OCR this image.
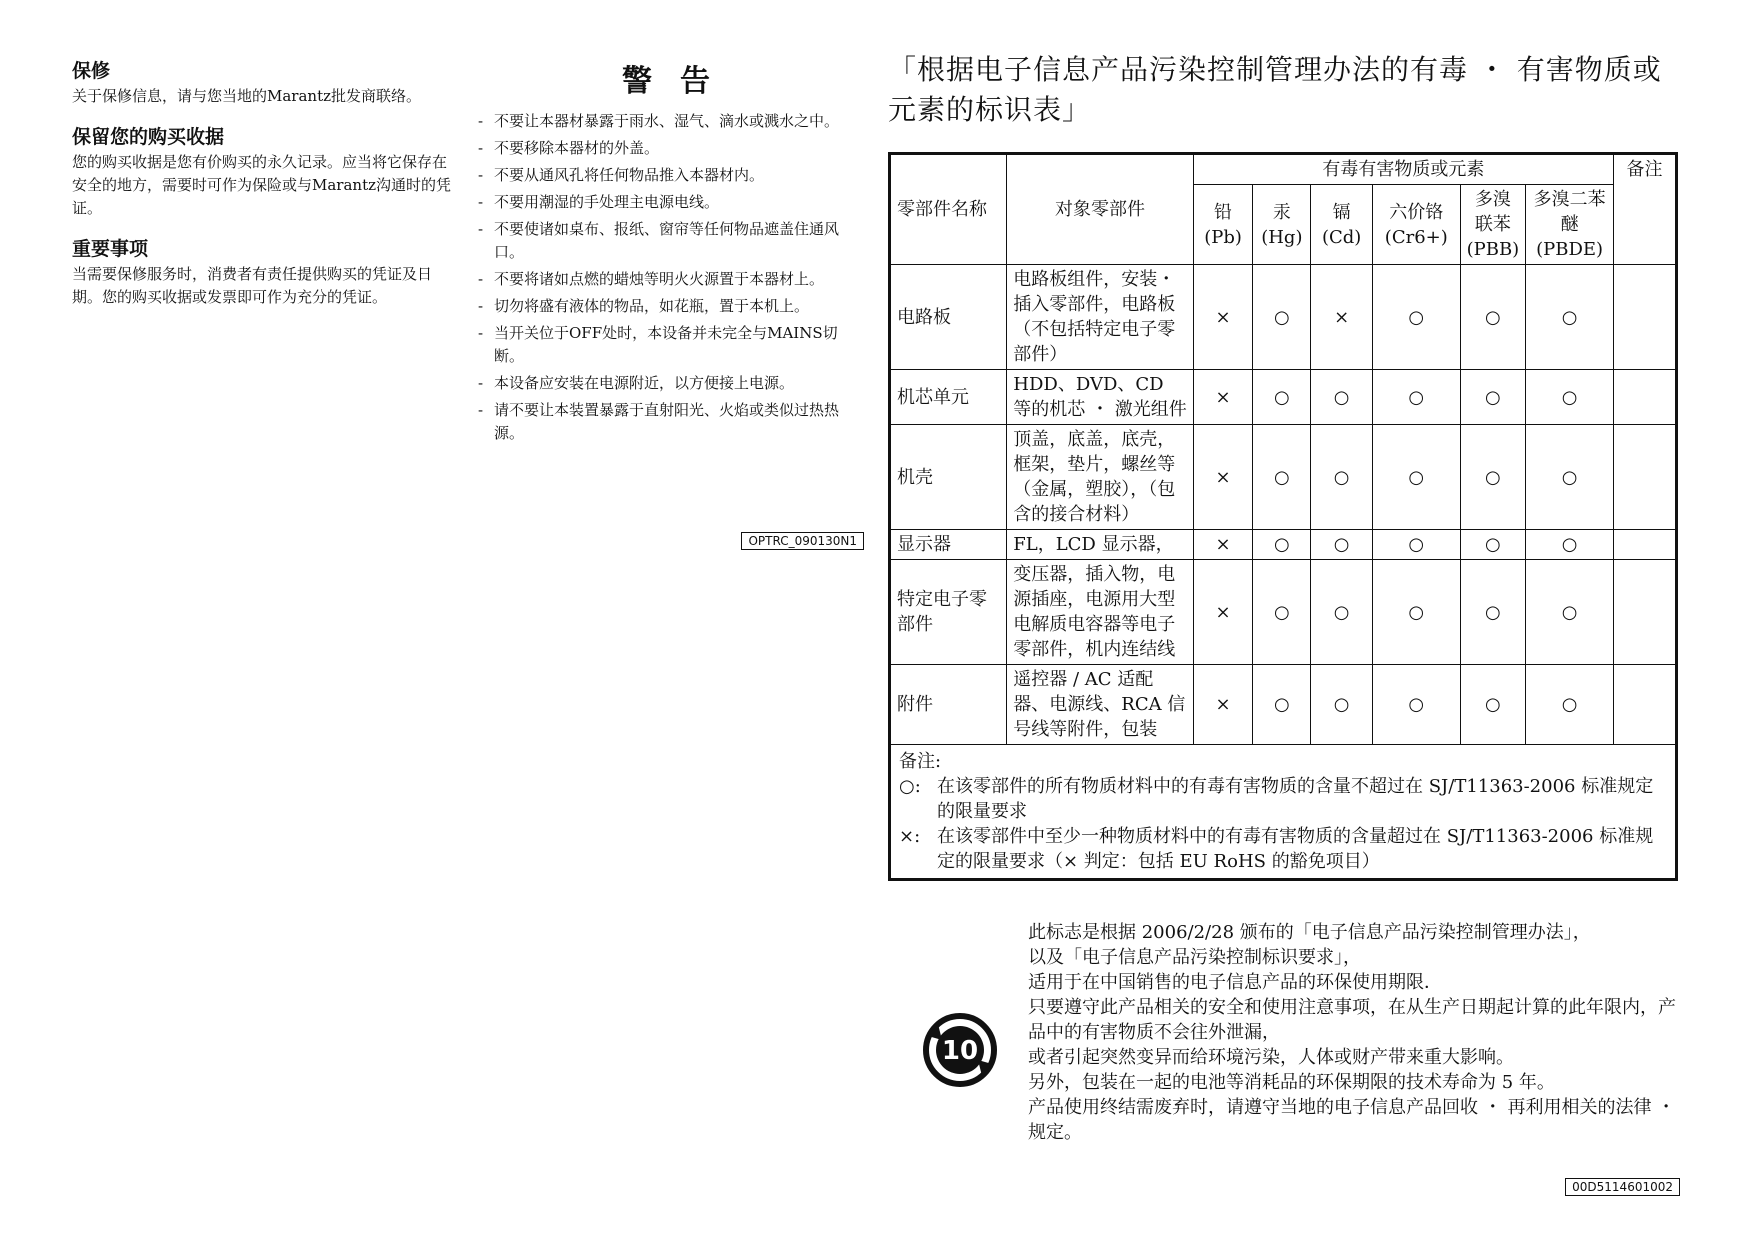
保修
关于保修信息，请与您当地的Marantz批发商联络。
保留您的购买收据
您的购买收据是您有价购买的永久记录。应当将它保存在安全的地方，需要时可作为保险或与Marantz沟通时的凭证。
重要事项
当需要保修服务时，消费者有责任提供购买的凭证及日期。您的购买收据或发票即可作为充分的凭证。
警告
- 不要让本器材暴露于雨水、湿气、滴水或溅水之中。
- 不要移除本器材的外盖。
- 不要从通风孔将任何物品推入本器材内。
- 不要用潮湿的手处理主电源电线。
- 不要使诸如桌布、报纸、窗帘等任何物品遮盖住通风口。
- 不要将诸如点燃的蜡烛等明火火源置于本器材上。
- 切勿将盛有液体的物品，如花瓶，置于本机上。
- 当开关位于OFF处时，本设备并未完全与MAINS切断。
- 本设备应安装在电源附近，以方便接上电源。
- 请不要让本装置暴露于直射阳光、火焰或类似过热热源。
OPTRC_090130N1
「根据电子信息产品污染控制管理办法的有毒 ・ 有害物质或元素的标识表」
零部件名称	对象零部件	有毒有害物质或元素						备注
		铅 (Pb)	汞 (Hg)	镉 (Cd)	六价铬 (Cr6+)	多溴联苯 (PBB)	多溴二苯醚 (PBDE)	
电路板	电路板组件，安装・插入零部件，电路板（不包括特定电子零部件）	×	○	×	○	○	○	
机芯单元	HDD、DVD、CD 等的机芯 ・ 激光组件	×	○	○	○	○	○	
机壳	顶盖，底盖，底壳，框架，垫片，螺丝等（金属，塑胶），（包含的接合材料）	×	○	○	○	○	○	
显示器	FL，LCD 显示器，	×	○	○	○	○	○	
特定电子零部件	变压器，插入物，电源插座，电源用大型电解质电容器等电子零部件，机内连结线	×	○	○	○	○	○	
附件	遥控器 / AC 适配器、电源线、RCA 信号线等附件，包装	×	○	○	○	○	○	

备注:
○: 在该零部件的所有物质材料中的有毒有害物质的含量不超过在 SJ/T11363-2006 标准规定的限量要求
×: 在该零部件中至少一种物质材料中的有毒有害物质的含量超过在 SJ/T11363-2006 标准规定的限量要求（× 判定：包括 EU RoHS 的豁免项目）								
10
此标志是根据 2006/2/28 颁布的「电子信息产品污染控制管理办法」，
以及「电子信息产品污染控制标识要求」，
适用于在中国销售的电子信息产品的环保使用期限．
只要遵守此产品相关的安全和使用注意事项，在从生产日期起计算的此年限内，产品中的有害物质不会往外泄漏，
或者引起突然变异而给环境污染，人体或财产带来重大影响。
另外，包装在一起的电池等消耗品的环保期限的技术寿命为 5 年。
产品使用终结需废弃时，请遵守当地的电子信息产品回收 ・ 再利用相关的法律 ・ 规定。
00D5114601002
